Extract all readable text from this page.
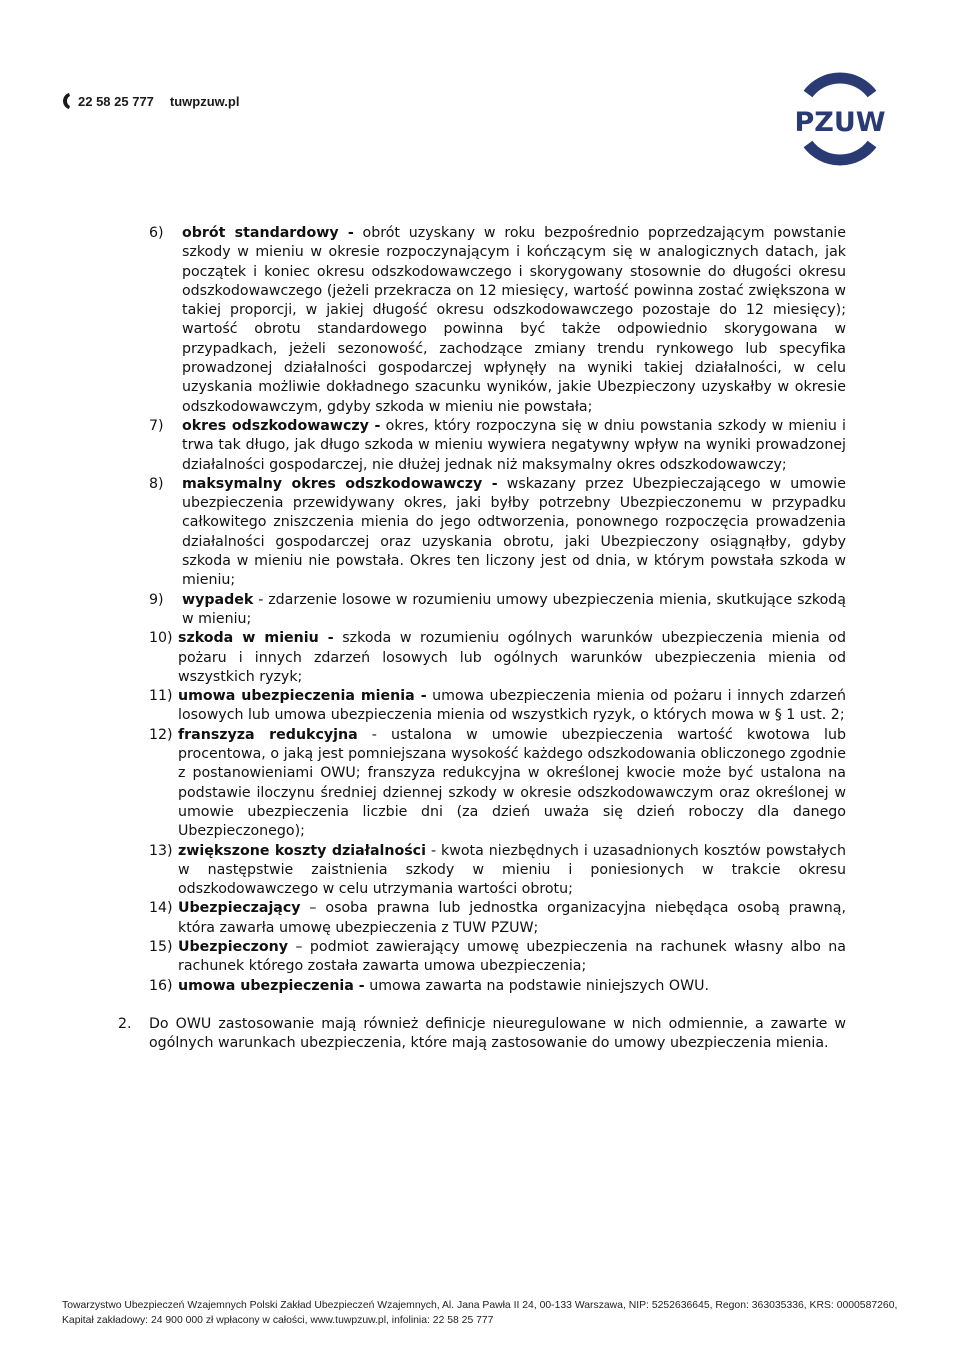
22 58 25 777 tuwpzuw.pl
PZUW
6)	obrót standardowy - obrót uzyskany w roku bezpośrednio poprzedzającym powstanie szkody w mieniu w okresie rozpoczynającym i kończącym się w analogicznych datach, jak początek i koniec okresu odszkodowawczego i skorygowany stosownie do długości okresu odszkodowawczego (jeżeli przekracza on 12 miesięcy, wartość powinna zostać zwiększona w takiej proporcji, w jakiej długość okresu odszkodowawczego pozostaje do 12 miesięcy); wartość obrotu standardowego powinna być także odpowiednio skorygowana w przypadkach, jeżeli sezonowość, zachodzące zmiany trendu rynkowego lub specyfika prowadzonej działalności gospodarczej wpłynęły na wyniki takiej działalności, w celu uzyskania możliwie dokładnego szacunku wyników, jakie Ubezpieczony uzyskałby w okresie odszkodowawczym, gdyby szkoda w mieniu nie powstała;
7)	okres odszkodowawczy - okres, który rozpoczyna się w dniu powstania szkody w mieniu i trwa tak długo, jak długo szkoda w mieniu wywiera negatywny wpływ na wyniki prowadzonej działalności gospodarczej, nie dłużej jednak niż maksymalny okres odszkodowawczy;
8)	maksymalny okres odszkodowawczy - wskazany przez Ubezpieczającego w umowie ubezpieczenia przewidywany okres, jaki byłby potrzebny Ubezpieczonemu w przypadku całkowitego zniszczenia mienia do jego odtworzenia, ponownego rozpoczęcia prowadzenia działalności gospodarczej oraz uzyskania obrotu, jaki Ubezpieczony osiągnąłby, gdyby szkoda w mieniu nie powstała. Okres ten liczony jest od dnia, w którym powstała szkoda w mieniu;
9)	wypadek - zdarzenie losowe w rozumieniu umowy ubezpieczenia mienia, skutkujące szkodą w mieniu;
10) szkoda w mieniu - szkoda w rozumieniu ogólnych warunków ubezpieczenia mienia od pożaru i innych zdarzeń losowych lub ogólnych warunków ubezpieczenia mienia od wszystkich ryzyk;
11) umowa ubezpieczenia mienia - umowa ubezpieczenia mienia od pożaru i innych zdarzeń losowych lub umowa ubezpieczenia mienia od wszystkich ryzyk, o których mowa w § 1 ust. 2;
12) franszyza redukcyjna - ustalona w umowie ubezpieczenia wartość kwotowa lub procentowa, o jaką jest pomniejszana wysokość każdego odszkodowania obliczonego zgodnie z postanowieniami OWU; franszyza redukcyjna w określonej kwocie może być ustalona na podstawie iloczynu średniej dziennej szkody w okresie odszkodowawczym oraz określonej w umowie ubezpieczenia liczbie dni (za dzień uważa się dzień roboczy dla danego Ubezpieczonego);
13) zwiększone koszty działalności - kwota niezbędnych i uzasadnionych kosztów powstałych w następstwie zaistnienia szkody w mieniu i poniesionych w trakcie okresu odszkodowawczego w celu utrzymania wartości obrotu;
14) Ubezpieczający – osoba prawna lub jednostka organizacyjna niebędąca osobą prawną, która zawarła umowę ubezpieczenia z TUW PZUW;
15) Ubezpieczony – podmiot zawierający umowę ubezpieczenia na rachunek własny albo na rachunek którego została zawarta umowa ubezpieczenia;
16) umowa ubezpieczenia - umowa zawarta na podstawie niniejszych OWU.
2.	Do OWU zastosowanie mają również definicje nieuregulowane w nich odmiennie, a zawarte w ogólnych warunkach ubezpieczenia, które mają zastosowanie do umowy ubezpieczenia mienia.
Towarzystwo Ubezpieczeń Wzajemnych Polski Zakład Ubezpieczeń Wzajemnych, Al. Jana Pawła II 24, 00-133 Warszawa, NIP: 5252636645, Regon: 363035336, KRS: 0000587260,
Kapitał zakładowy: 24 900 000 zł wpłacony w całości, www.tuwpzuw.pl, infolinia: 22 58 25 777
